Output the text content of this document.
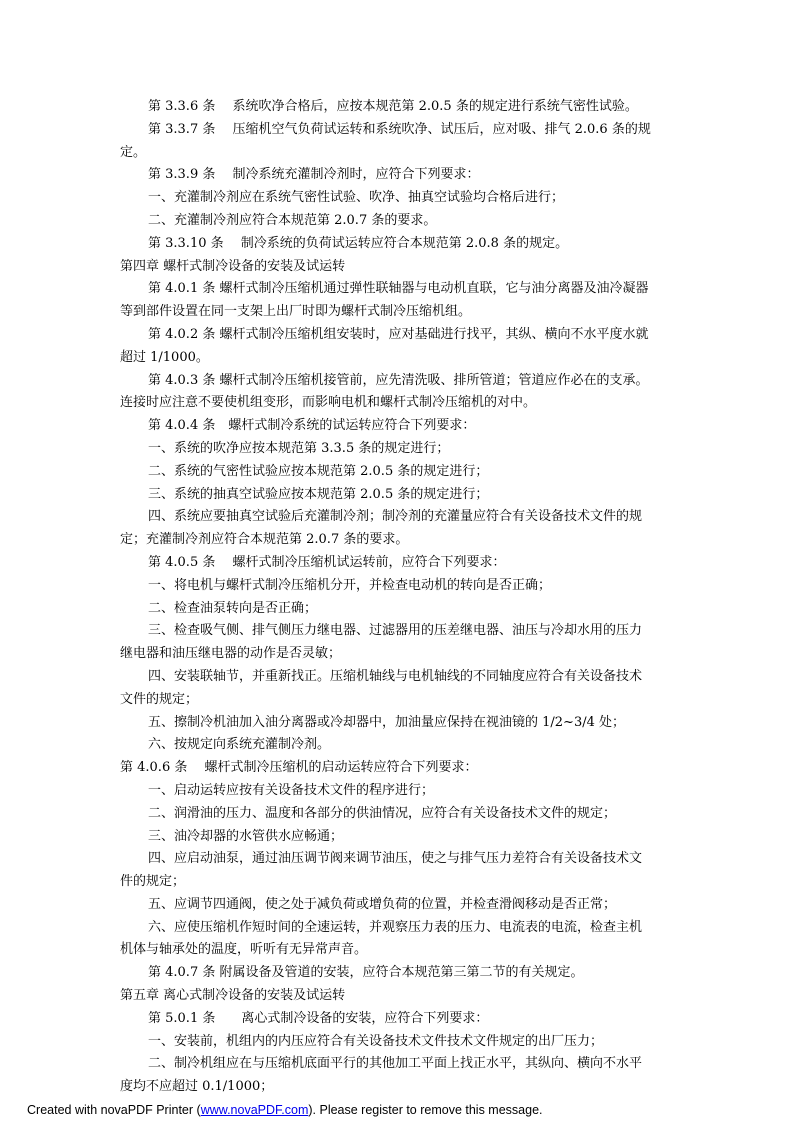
第 3.3.6 条　 系统吹净合格后，应按本规范第 2.0.5 条的规定进行系统气密性试验。
第 3.3.7 条　 压缩机空气负荷试运转和系统吹净、试压后，应对吸、排气 2.0.6 条的规
定。
第 3.3.9 条　 制冷系统充灌制冷剂时，应符合下列要求：
一、充灌制冷剂应在系统气密性试验、吹净、抽真空试验均合格后进行；
二、充灌制冷剂应符合本规范第 2.0.7 条的要求。
第 3.3.10 条　 制冷系统的负荷试运转应符合本规范第 2.0.8 条的规定。
第四章 螺杆式制冷设备的安装及试运转
第 4.0.1 条 螺杆式制冷压缩机通过弹性联轴器与电动机直联，它与油分离器及油冷凝器
等到部件设置在同一支架上出厂时即为螺杆式制冷压缩机组。
第 4.0.2 条 螺杆式制冷压缩机组安装时，应对基础进行找平，其纵、横向不水平度水就
超过 1/1000。
第 4.0.3 条 螺杆式制冷压缩机接管前，应先清洗吸、排所管道；管道应作必在的支承。
连接时应注意不要使机组变形，而影响电机和螺杆式制冷压缩机的对中。
第 4.0.4 条　螺杆式制冷系统的试运转应符合下列要求：
一、系统的吹净应按本规范第 3.3.5 条的规定进行；
二、系统的气密性试验应按本规范第 2.0.5 条的规定进行；
三、系统的抽真空试验应按本规范第 2.0.5 条的规定进行；
四、系统应要抽真空试验后充灌制冷剂；制冷剂的充灌量应符合有关设备技术文件的规
定；充灌制冷剂应符合本规范第 2.0.7 条的要求。
第 4.0.5 条　 螺杆式制冷压缩机试运转前，应符合下列要求：
一、将电机与螺杆式制冷压缩机分开，并检查电动机的转向是否正确；
二、检查油泵转向是否正确；
三、检查吸气侧、排气侧压力继电器、过滤器用的压差继电器、油压与冷却水用的压力
继电器和油压继电器的动作是否灵敏；
四、安装联轴节，并重新找正。压缩机轴线与电机轴线的不同轴度应符合有关设备技术
文件的规定；
五、擦制冷机油加入油分离器或冷却器中，加油量应保持在视油镜的 1/2~3/4 处；
六、按规定向系统充灌制冷剂。
第 4.0.6 条　 螺杆式制冷压缩机的启动运转应符合下列要求：
一、启动运转应按有关设备技术文件的程序进行；
二、润滑油的压力、温度和各部分的供油情况，应符合有关设备技术文件的规定；
三、油冷却器的水管供水应畅通；
四、应启动油泵，通过油压调节阀来调节油压，使之与排气压力差符合有关设备技术文
件的规定；
五、应调节四通阀，使之处于减负荷或增负荷的位置，并检查滑阀移动是否正常；
六、应使压缩机作短时间的全速运转，并观察压力表的压力、电流表的电流，检查主机
机体与轴承处的温度，听听有无异常声音。
第 4.0.7 条 附属设备及管道的安装，应符合本规范第三第二节的有关规定。
第五章 离心式制冷设备的安装及试运转
第 5.0.1 条　　离心式制冷设备的安装，应符合下列要求：
一、安装前，机组内的内压应符合有关设备技术文件技术文件规定的出厂压力；
二、制冷机组应在与压缩机底面平行的其他加工平面上找正水平，其纵向、横向不水平
度均不应超过 0.1/1000；
Created with novaPDF Printer (www.novaPDF.com). Please register to remove this message.
